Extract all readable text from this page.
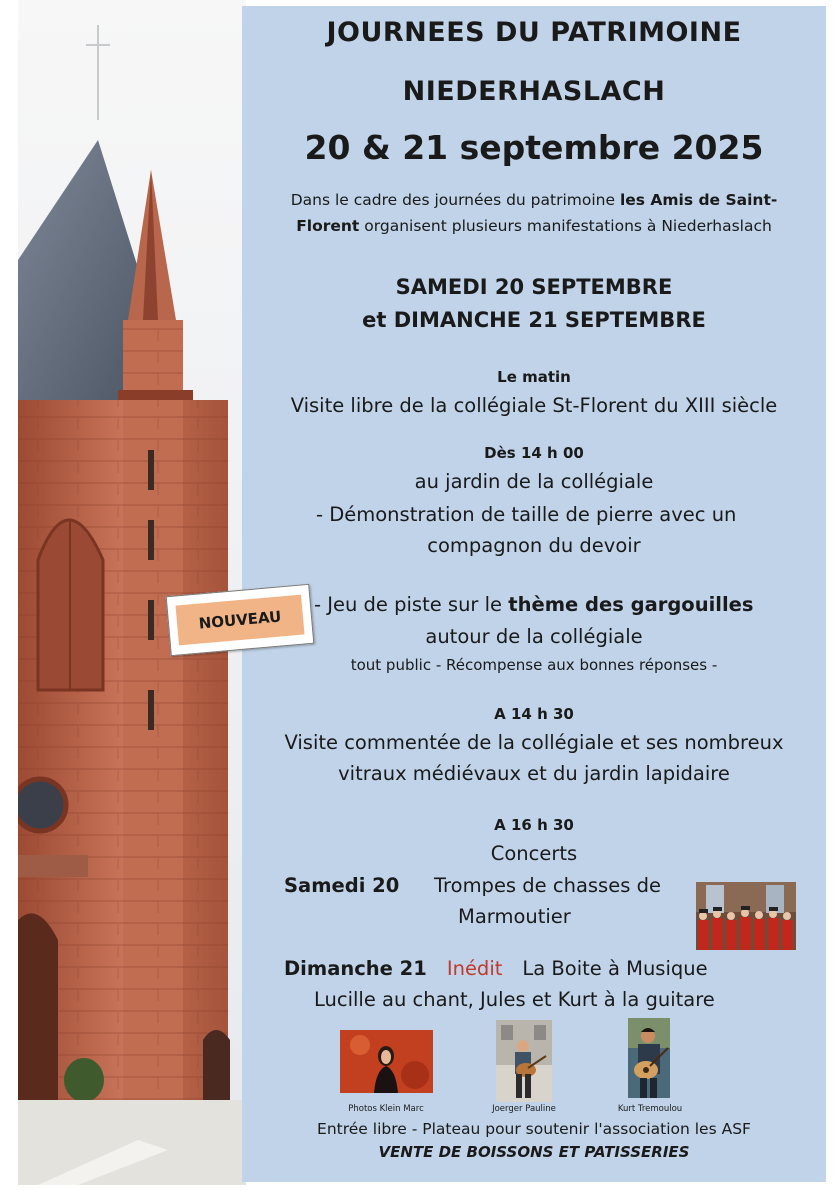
JOURNEES DU PATRIMOINE
NIEDERHASLACH
20 & 21 septembre 2025
Dans le cadre des journées du patrimoine les Amis de Saint-
Florent organisent plusieurs manifestations à Niederhaslach
SAMEDI 20 SEPTEMBRE
et DIMANCHE 21 SEPTEMBRE
Le matin
Visite libre de la collégiale St-Florent du XIII siècle
Dès 14 h 00
au jardin de la collégiale
- Démonstration de taille de pierre avec un
compagnon du devoir
NOUVEAU
- Jeu de piste sur le thème des gargouilles
autour de la collégiale
tout public - Récompense aux bonnes réponses -
A 14 h 30
Visite commentée de la collégiale et ses nombreux
vitraux médiévaux et du jardin lapidaire
A 16 h 30
Concerts
Samedi 20 Trompes de chasses de
Marmoutier
Dimanche 21 Inédit La Boite à Musique
Lucille au chant, Jules et Kurt à la guitare
Photos Klein Marc	Joerger Pauline	Kurt Tremoulou
Entrée libre - Plateau pour soutenir l'association les ASF
VENTE DE BOISSONS ET PATISSERIES
